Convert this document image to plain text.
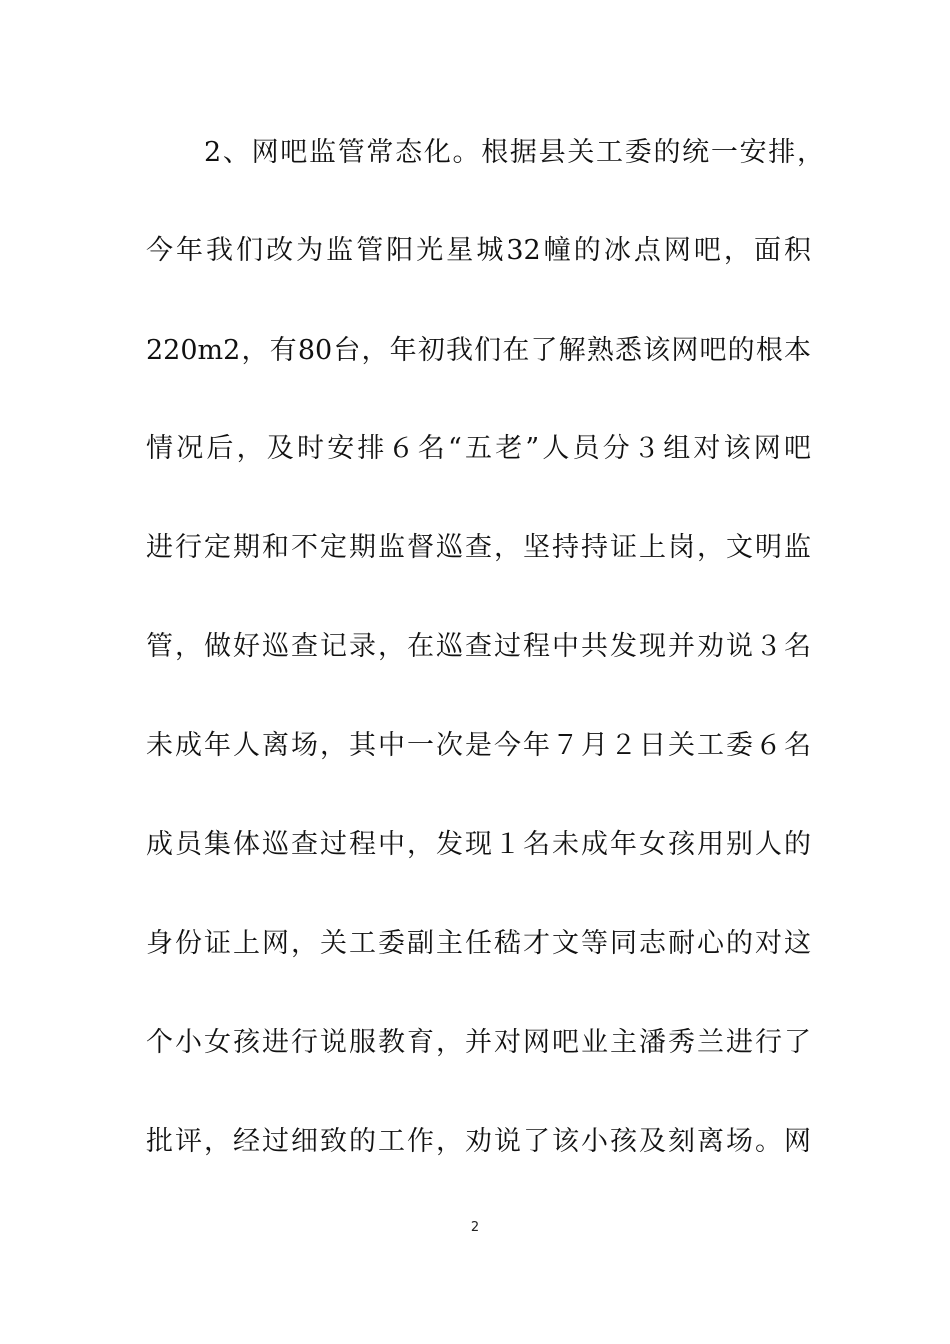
2、网吧监管常态化。根据县关工委的统一安排，
今年我们改为监管阳光星城32幢的冰点网吧，面积
220m2，有80台，年初我们在了解熟悉该网吧的根本
情况后，及时安排６名“五老”人员分３组对该网吧
进行定期和不定期监督巡查，坚持持证上岗，文明监
管，做好巡查记录，在巡查过程中共发现并劝说３名
未成年人离场，其中一次是今年７月２日关工委６名
成员集体巡查过程中，发现１名未成年女孩用别人的
身份证上网，关工委副主任嵇才文等同志耐心的对这
个小女孩进行说服教育，并对网吧业主潘秀兰进行了
批评，经过细致的工作，劝说了该小孩及刻离场。网
2
